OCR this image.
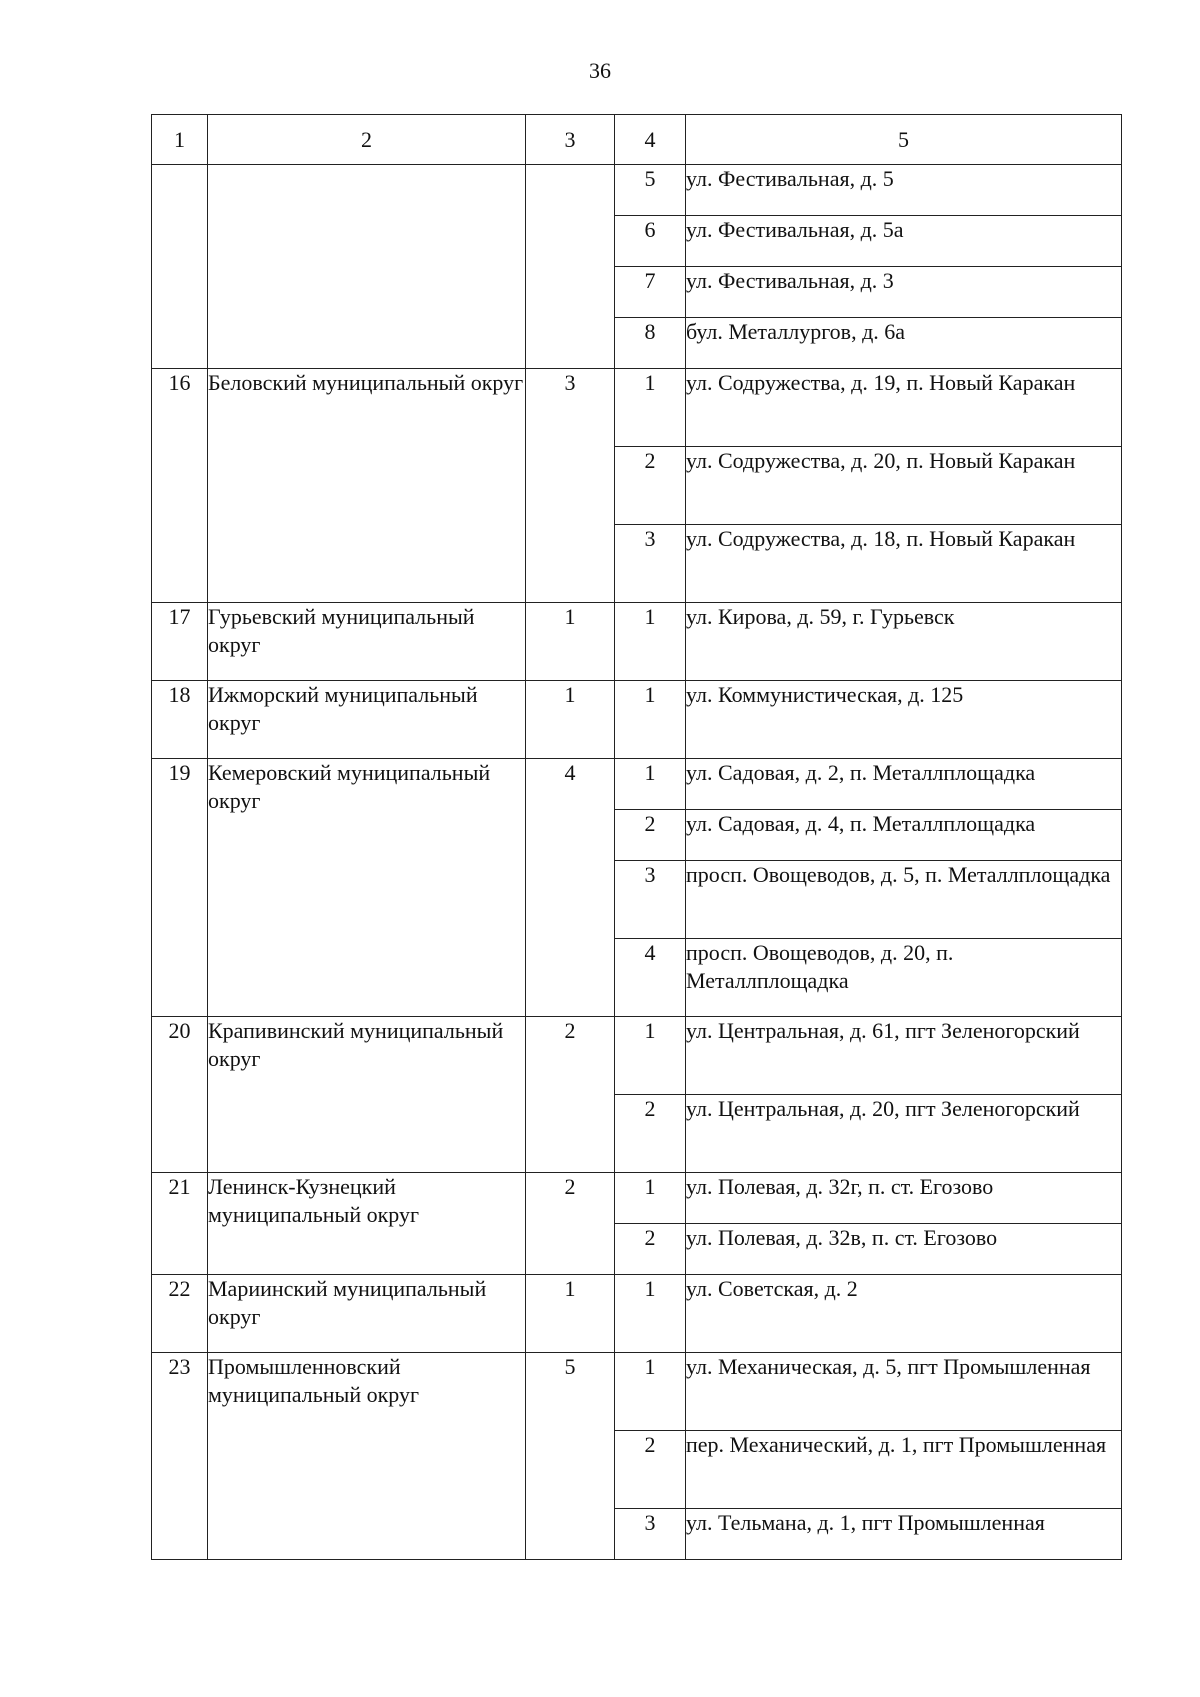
36
1	2	3	4	5
			5	ул. Фестивальная, д. 5
			6	ул. Фестивальная, д. 5а
			7	ул. Фестивальная, д. 3
			8	бул. Металлургов, д. 6а
16	Беловский муниципальный округ	3	1	ул. Содружества, д. 19, п. Новый Каракан
			2	ул. Содружества, д. 20, п. Новый Каракан
			3	ул. Содружества, д. 18, п. Новый Каракан
17	Гурьевский муниципальный округ	1	1	ул. Кирова, д. 59, г. Гурьевск
18	Ижморский муниципальный округ	1	1	ул. Коммунистическая, д. 125
19	Кемеровский муниципальный округ	4	1	ул. Садовая, д. 2, п. Металлплощадка
			2	ул. Садовая, д. 4, п. Металлплощадка
			3	просп. Овощеводов, д. 5, п. Металлплощадка
			4	просп. Овощеводов, д. 20, п. Металлплощадка
20	Крапивинский муниципальный округ	2	1	ул. Центральная, д. 61, пгт Зеленогорский
			2	ул. Центральная, д. 20, пгт Зеленогорский
21	Ленинск-Кузнецкий муниципальный округ	2	1	ул. Полевая, д. 32г, п. ст. Егозово
			2	ул. Полевая, д. 32в, п. ст. Егозово
22	Мариинский муниципальный округ	1	1	ул. Советская, д. 2
23	Промышленновский муниципальный округ	5	1	ул. Механическая, д. 5, пгт Промышленная
			2	пер. Механический, д. 1, пгт Промышленная
			3	ул. Тельмана, д. 1, пгт Промышленная
